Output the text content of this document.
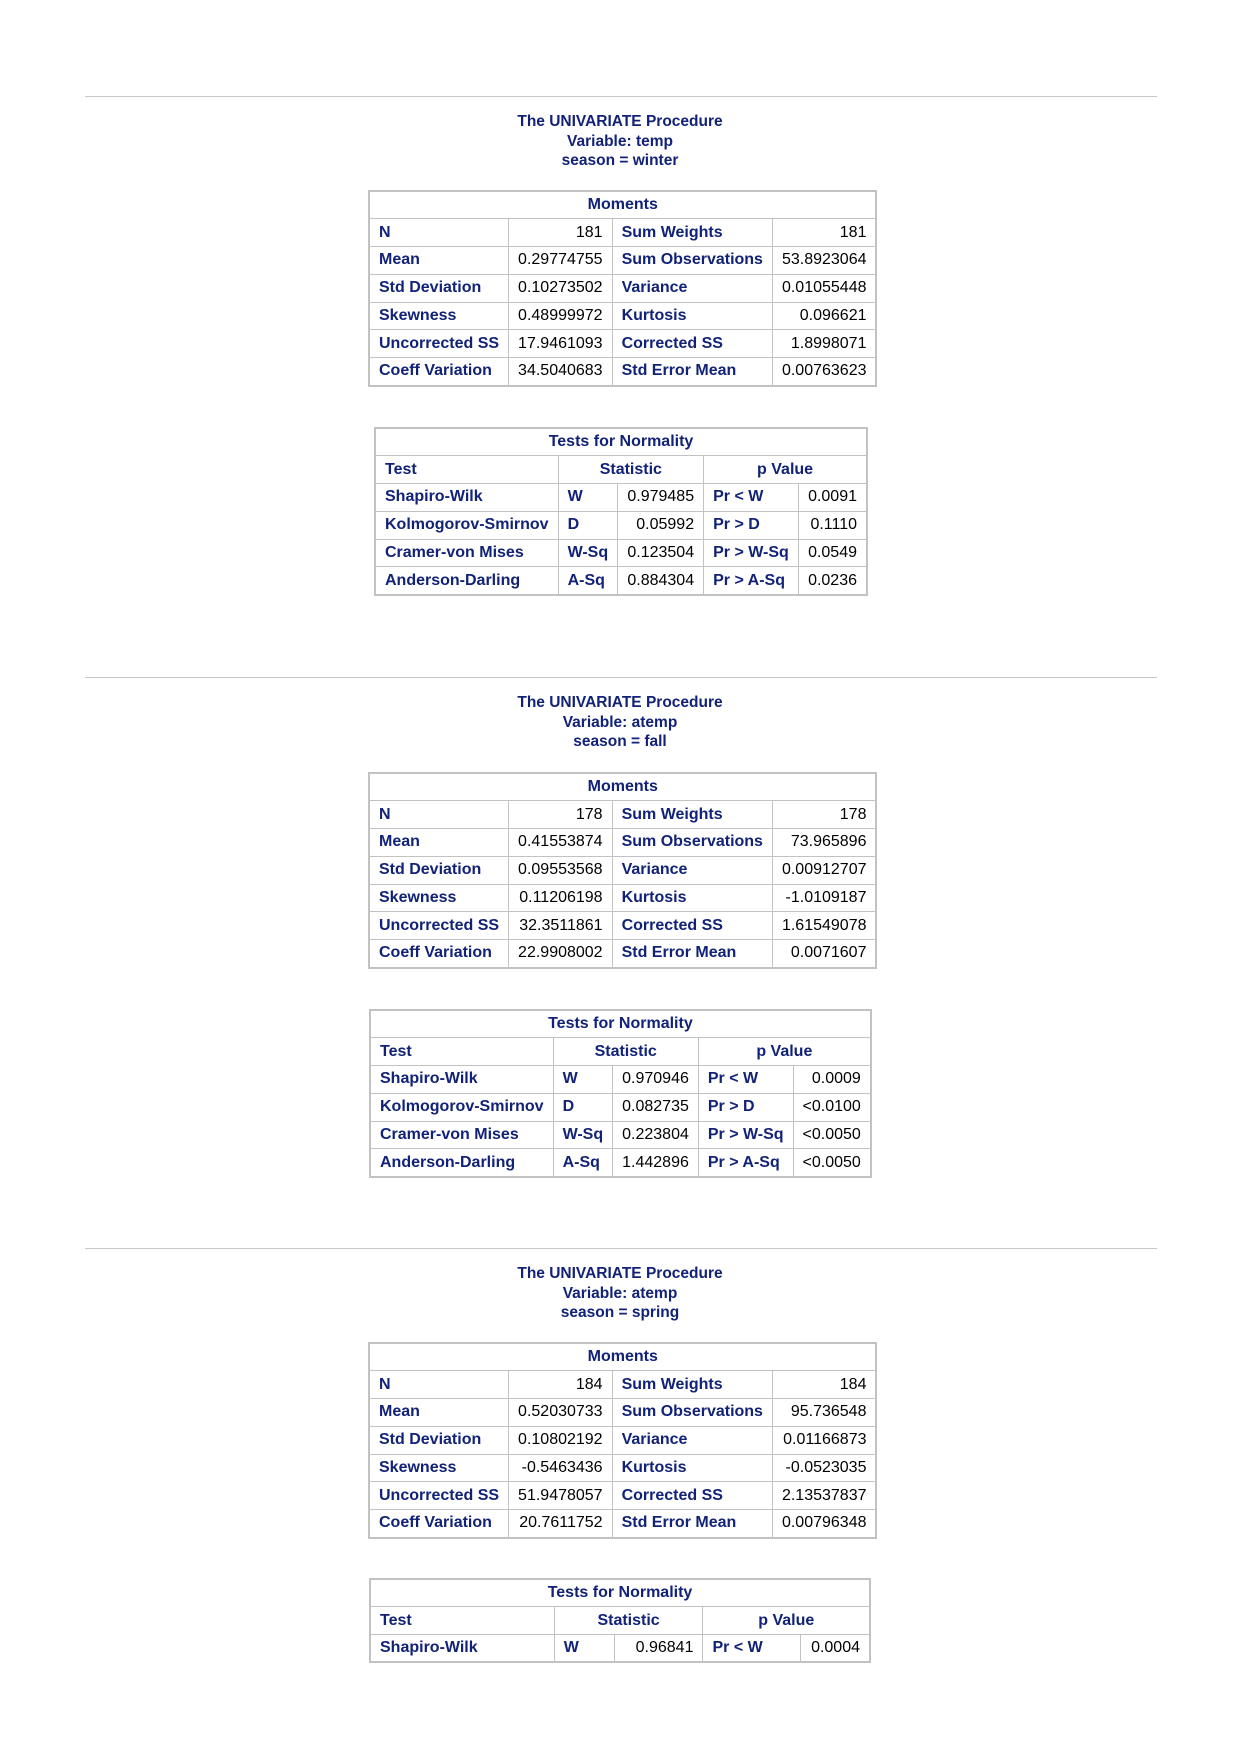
The UNIVARIATE Procedure
Variable: temp
season = winter
Moments			
N	181	Sum Weights	181
Mean	0.29774755	Sum Observations	53.8923064
Std Deviation	0.10273502	Variance	0.01055448
Skewness	0.48999972	Kurtosis	0.096621
Uncorrected SS	17.9461093	Corrected SS	1.8998071
Coeff Variation	34.5040683	Std Error Mean	0.00763623
Tests for Normality				
Test	Statistic		p Value	
Shapiro-Wilk	W	0.979485	Pr < W	0.0091
Kolmogorov-Smirnov	D	0.05992	Pr > D	0.1110
Cramer-von Mises	W-Sq	0.123504	Pr > W-Sq	0.0549
Anderson-Darling	A-Sq	0.884304	Pr > A-Sq	0.0236
The UNIVARIATE Procedure
Variable: atemp
season = fall
Moments			
N	178	Sum Weights	178
Mean	0.41553874	Sum Observations	73.965896
Std Deviation	0.09553568	Variance	0.00912707
Skewness	0.11206198	Kurtosis	-1.0109187
Uncorrected SS	32.3511861	Corrected SS	1.61549078
Coeff Variation	22.9908002	Std Error Mean	0.0071607
Tests for Normality				
Test	Statistic		p Value	
Shapiro-Wilk	W	0.970946	Pr < W	0.0009
Kolmogorov-Smirnov	D	0.082735	Pr > D	<0.0100
Cramer-von Mises	W-Sq	0.223804	Pr > W-Sq	<0.0050
Anderson-Darling	A-Sq	1.442896	Pr > A-Sq	<0.0050
The UNIVARIATE Procedure
Variable: atemp
season = spring
Moments			
N	184	Sum Weights	184
Mean	0.52030733	Sum Observations	95.736548
Std Deviation	0.10802192	Variance	0.01166873
Skewness	-0.5463436	Kurtosis	-0.0523035
Uncorrected SS	51.9478057	Corrected SS	2.13537837
Coeff Variation	20.7611752	Std Error Mean	0.00796348
Tests for Normality				
Test	Statistic		p Value	
Shapiro-Wilk	W	0.96841	Pr < W	0.0004
